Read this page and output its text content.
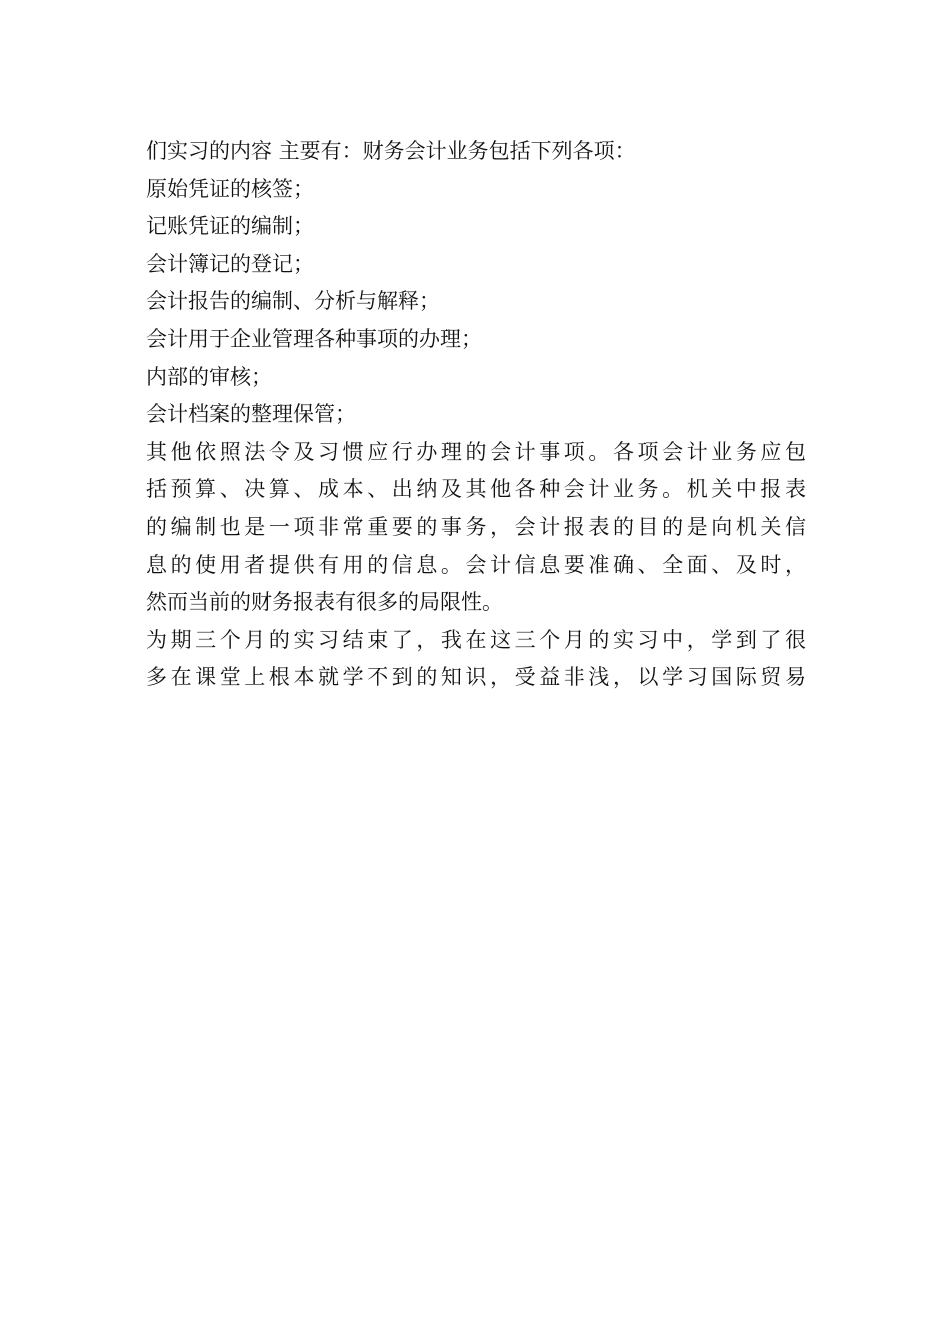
们实习的内容 主要有：财务会计业务包括下列各项：

原始凭证的核签；

记账凭证的编制；

会计簿记的登记；

会计报告的编制、分析与解释；

会计用于企业管理各种事项的办理；

内部的审核；

会计档案的整理保管；

其他依照法令及习惯应行办理的会计事项。各项会计业务应包

括预算、决算、成本、出纳及其他各种会计业务。机关中报表

的编制也是一项非常重要的事务，会计报表的目的是向机关信

息的使用者提供有用的信息。会计信息要准确、全面、及时，

然而当前的财务报表有很多的局限性。

为期三个月的实习结束了，我在这三个月的实习中，学到了很

多在课堂上根本就学不到的知识，受益非浅，以学习国际贸易
